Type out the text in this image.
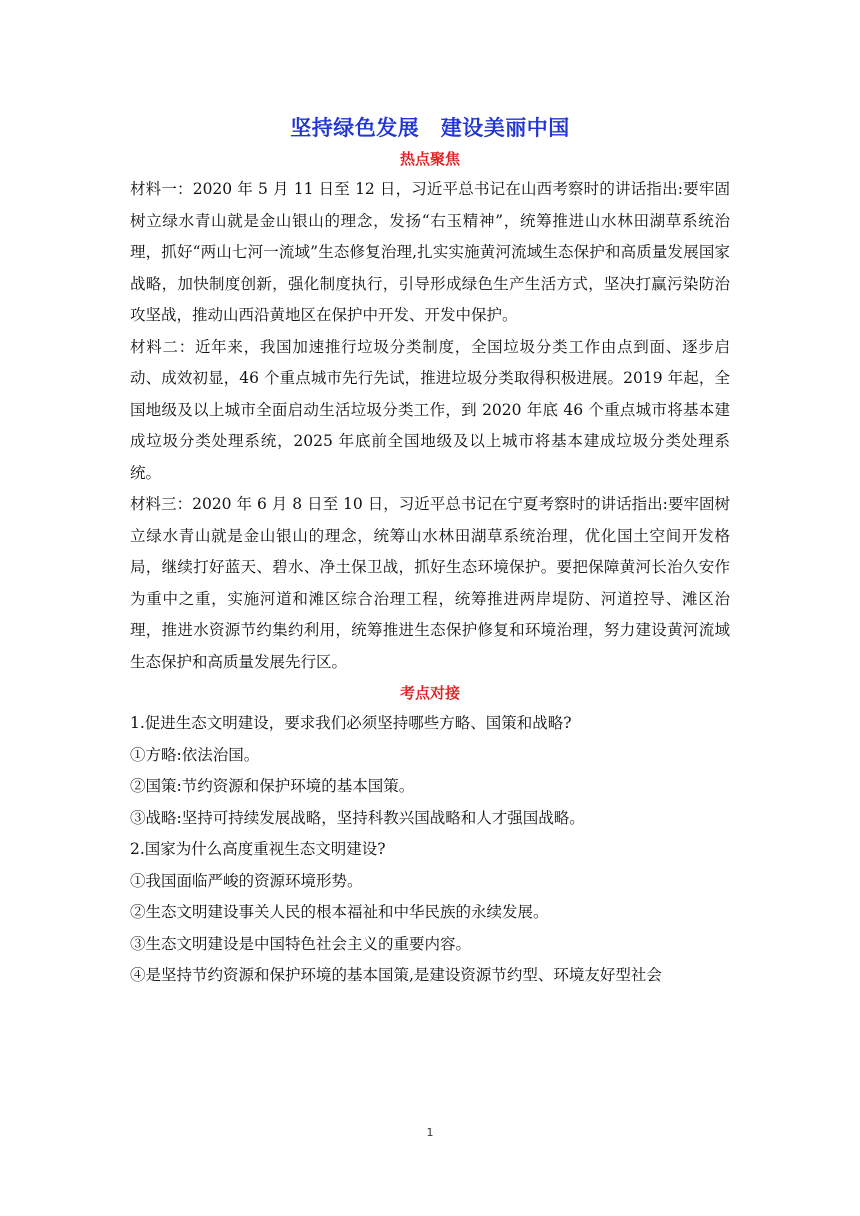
坚持绿色发展　建设美丽中国
热点聚焦

材料一：2020 年 5 月 11 日至 12 日，习近平总书记在山西考察时的讲话指出:要牢固树立绿水青山就是金山银山的理念，发扬“右玉精神”，统筹推进山水林田湖草系统治理，抓好“两山七河一流域”生态修复治理,扎实实施黄河流域生态保护和高质量发展国家战略，加快制度创新，强化制度执行，引导形成绿色生产生活方式，坚决打赢污染防治攻坚战，推动山西沿黄地区在保护中开发、开发中保护。

材料二：近年来，我国加速推行垃圾分类制度，全国垃圾分类工作由点到面、逐步启动、成效初显，46 个重点城市先行先试，推进垃圾分类取得积极进展。2019 年起，全国地级及以上城市全面启动生活垃圾分类工作，到 2020 年底 46 个重点城市将基本建成垃圾分类处理系统，2025 年底前全国地级及以上城市将基本建成垃圾分类处理系统。

材料三：2020 年 6 月 8 日至 10 日，习近平总书记在宁夏考察时的讲话指出:要牢固树立绿水青山就是金山银山的理念，统筹山水林田湖草系统治理，优化国土空间开发格局，继续打好蓝天、碧水、净土保卫战，抓好生态环境保护。要把保障黄河长治久安作为重中之重，实施河道和滩区综合治理工程，统筹推进两岸堤防、河道控导、滩区治理，推进水资源节约集约利用，统筹推进生态保护修复和环境治理，努力建设黄河流域生态保护和高质量发展先行区。

考点对接

1.促进生态文明建设，要求我们必须坚持哪些方略、国策和战略?

①方略:依法治国。

②国策:节约资源和保护环境的基本国策。

③战略:坚持可持续发展战略，坚持科教兴国战略和人才强国战略。

2.国家为什么高度重视生态文明建设?

①我国面临严峻的资源环境形势。

②生态文明建设事关人民的根本福祉和中华民族的永续发展。

③生态文明建设是中国特色社会主义的重要内容。

④是坚持节约资源和保护环境的基本国策,是建设资源节约型、环境友好型社会

1
